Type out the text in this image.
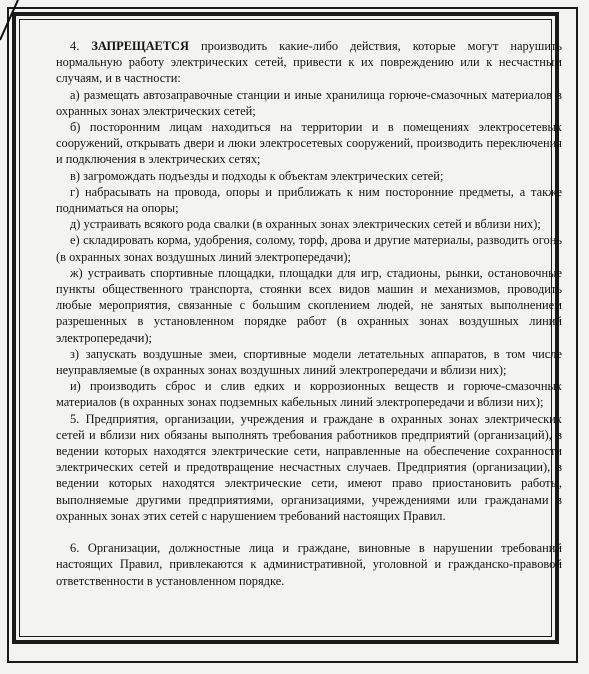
4. ЗАПРЕЩАЕТСЯ производить какие-либо действия, которые могут нарушить нормальную работу электрических сетей, привести к их повреждению или к несчастным случаям, и в частности:

а) размещать автозаправочные станции и иные хранилища горюче-смазочных материалов в охранных зонах электрических сетей;

б) посторонним лицам находиться на территории и в помещениях электросетевых сооружений, открывать двери и люки электросетевых сооружений, производить переключения и подключения в электрических сетях;

в) загромождать подъезды и подходы к объектам электрических сетей;

г) набрасывать на провода, опоры и приближать к ним посторонние предметы, а также подниматься на опоры;

д) устраивать всякого рода свалки (в охранных зонах электрических сетей и вблизи них);

е) складировать корма, удобрения, солому, торф, дрова и другие материалы, разводить огонь (в охранных зонах воздушных линий электропередачи);

ж) устраивать спортивные площадки, площадки для игр, стадионы, рынки, остановочные пункты общественного транспорта, стоянки всех видов машин и механизмов, проводить любые мероприятия, связанные с большим скоплением людей, не занятых выполнением разрешенных в установленном порядке работ (в охранных зонах воздушных линий электропередачи);

з) запускать воздушные змеи, спортивные модели летательных аппаратов, в том числе неуправляемые (в охранных зонах воздушных линий электропередачи и вблизи них);

и) производить сброс и слив едких и коррозионных веществ и горюче-смазочных материалов (в охранных зонах подземных кабельных линий электропередачи и вблизи них);

5. Предприятия, организации, учреждения и граждане в охранных зонах электрических сетей и вблизи них обязаны выполнять требования работников предприятий (организаций), в ведении которых находятся электрические сети, направленные на обеспечение сохранности электрических сетей и предотвращение несчастных случаев. Предприятия (организации), в ведении которых находятся электрические сети, имеют право приостановить работы, выполняемые другими предприятиями, организациями, учреждениями или гражданами в охранных зонах этих сетей с нарушением требований настоящих Правил.

6. Организации, должностные лица и граждане, виновные в нарушении требований настоящих Правил, привлекаются к административной, уголовной и гражданско-правовой ответственности в установленном порядке.
